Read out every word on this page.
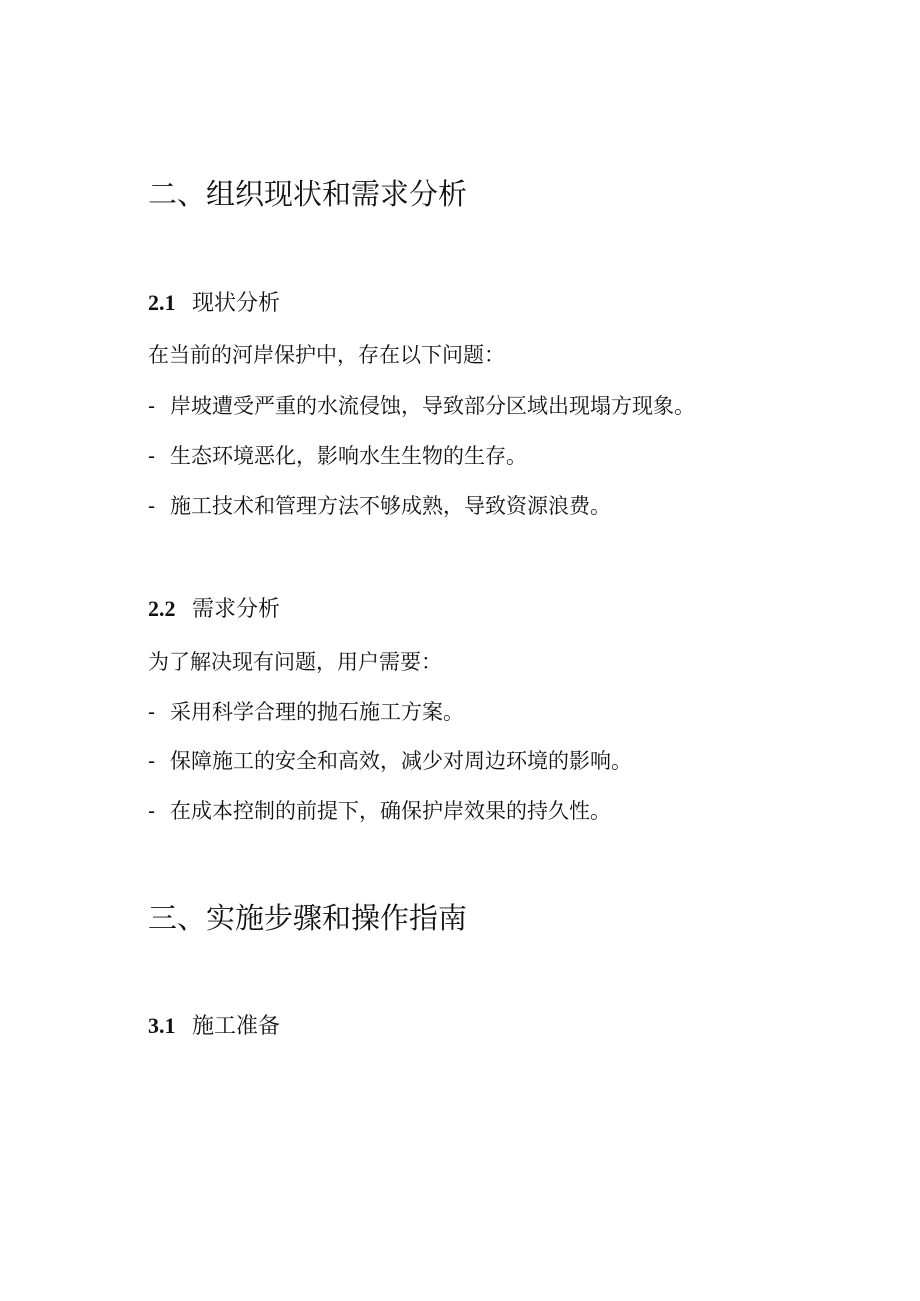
二、组织现状和需求分析
2.1 现状分析

在当前的河岸保护中，存在以下问题：

- 岸坡遭受严重的水流侵蚀，导致部分区域出现塌方现象。

- 生态环境恶化，影响水生生物的生存。

- 施工技术和管理方法不够成熟，导致资源浪费。

2.2 需求分析

为了解决现有问题，用户需要：

- 采用科学合理的抛石施工方案。

- 保障施工的安全和高效，减少对周边环境的影响。

- 在成本控制的前提下，确保护岸效果的持久性。

三、实施步骤和操作指南
3.1 施工准备
